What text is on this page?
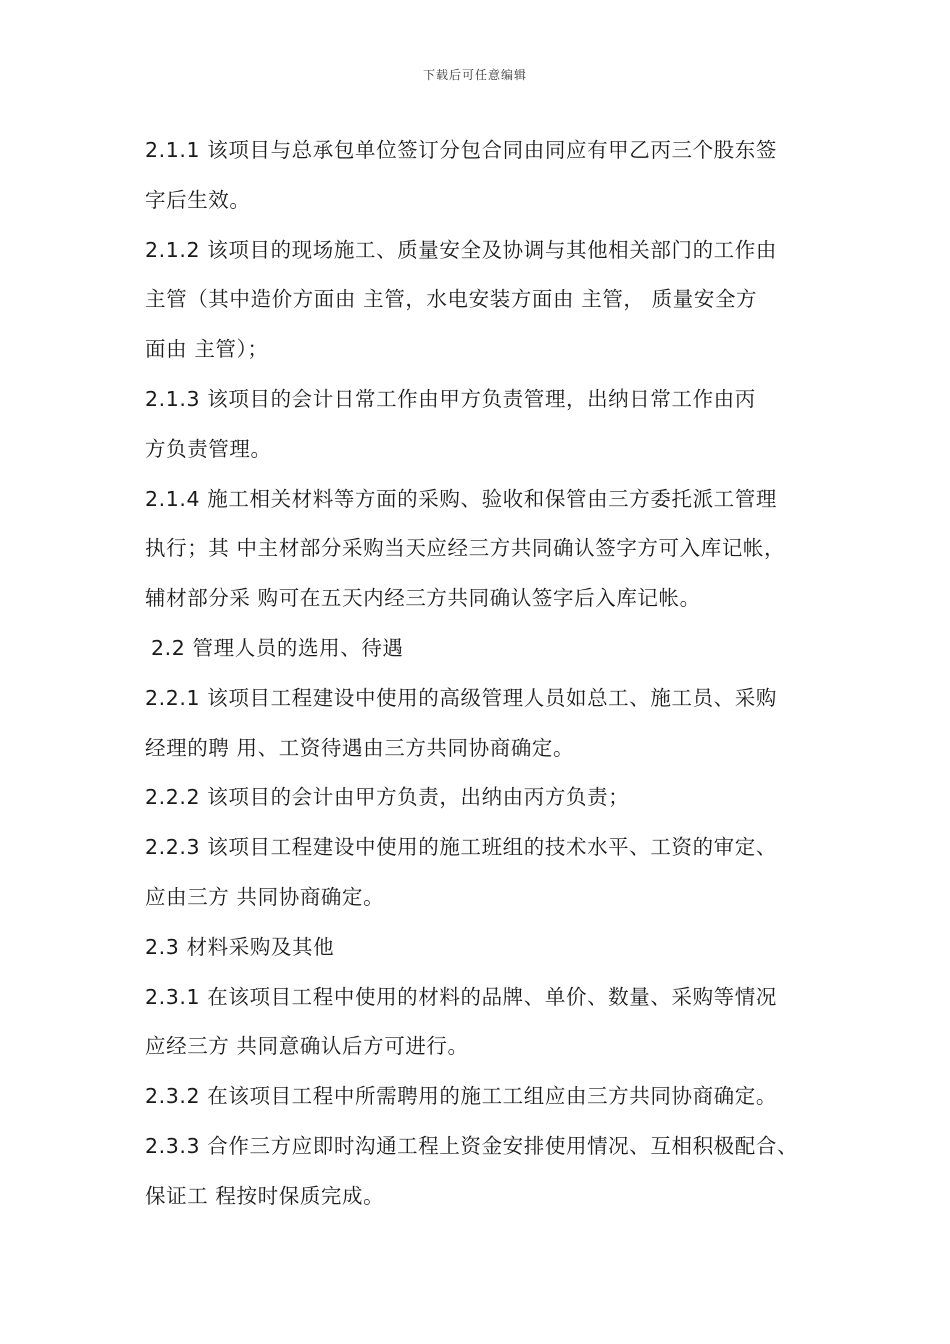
下载后可任意编辑
2.1.1 该项目与总承包单位签订分包合同由同应有甲乙丙三个股东签
字后生效。
2.1.2 该项目的现场施工、质量安全及协调与其他相关部门的工作由
主管（其中造价方面由 主管，水电安装方面由 主管， 质量安全方
面由 主管）；
2.1.3 该项目的会计日常工作由甲方负责管理，出纳日常工作由丙
方负责管理。
2.1.4 施工相关材料等方面的采购、验收和保管由三方委托派工管理
执行；其 中主材部分采购当天应经三方共同确认签字方可入库记帐，
辅材部分采 购可在五天内经三方共同确认签字后入库记帐。
2.2 管理人员的选用、待遇
2.2.1 该项目工程建设中使用的高级管理人员如总工、施工员、采购
经理的聘 用、工资待遇由三方共同协商确定。
2.2.2 该项目的会计由甲方负责，出纳由丙方负责；
2.2.3 该项目工程建设中使用的施工班组的技术水平、工资的审定、
应由三方 共同协商确定。
2.3 材料采购及其他
2.3.1 在该项目工程中使用的材料的品牌、单价、数量、采购等情况
应经三方 共同意确认后方可进行。
2.3.2 在该项目工程中所需聘用的施工工组应由三方共同协商确定。
2.3.3 合作三方应即时沟通工程上资金安排使用情况、互相积极配合、
保证工 程按时保质完成。
